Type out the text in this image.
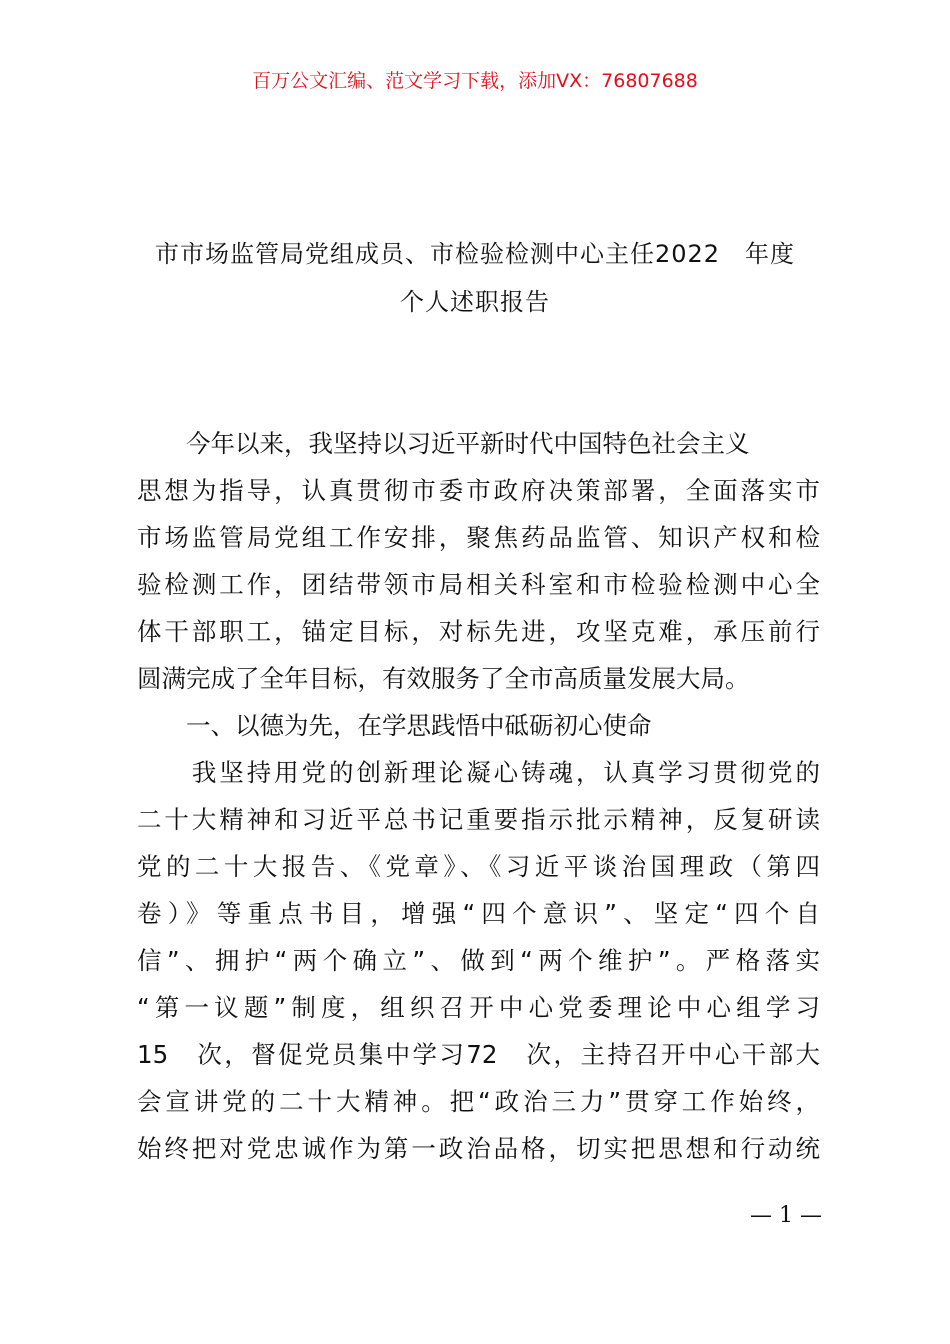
百万公文汇编、范文学习下载，添加VX：76807688
市市场监管局党组成员、市检验检测中心主任2022　年度
个人述职报告
　　今年以来，我坚持以习近平新时代中国特色社会主义
思想为指导，认真贯彻市委市政府决策部署，全面落实市
市场监管局党组工作安排，聚焦药品监管、知识产权和检
验检测工作，团结带领市局相关科室和市检验检测中心全
体干部职工，锚定目标，对标先进，攻坚克难，承压前行
圆满完成了全年目标，有效服务了全市高质量发展大局。
　　一、以德为先，在学思践悟中砥砺初心使命
　　我坚持用党的创新理论凝心铸魂，认真学习贯彻党的
二十大精神和习近平总书记重要指示批示精神，反复研读
党的二十大报告、《党章》、《习近平谈治国理政（第四
卷）》等重点书目，增强“四个意识”、坚定“四个自
信”、拥护“两个确立”、做到“两个维护”。严格落实
“第一议题”制度，组织召开中心党委理论中心组学习
15　次，督促党员集中学习72　次，主持召开中心干部大
会宣讲党的二十大精神。把“政治三力”贯穿工作始终，
始终把对党忠诚作为第一政治品格，切实把思想和行动统
— 1 —
